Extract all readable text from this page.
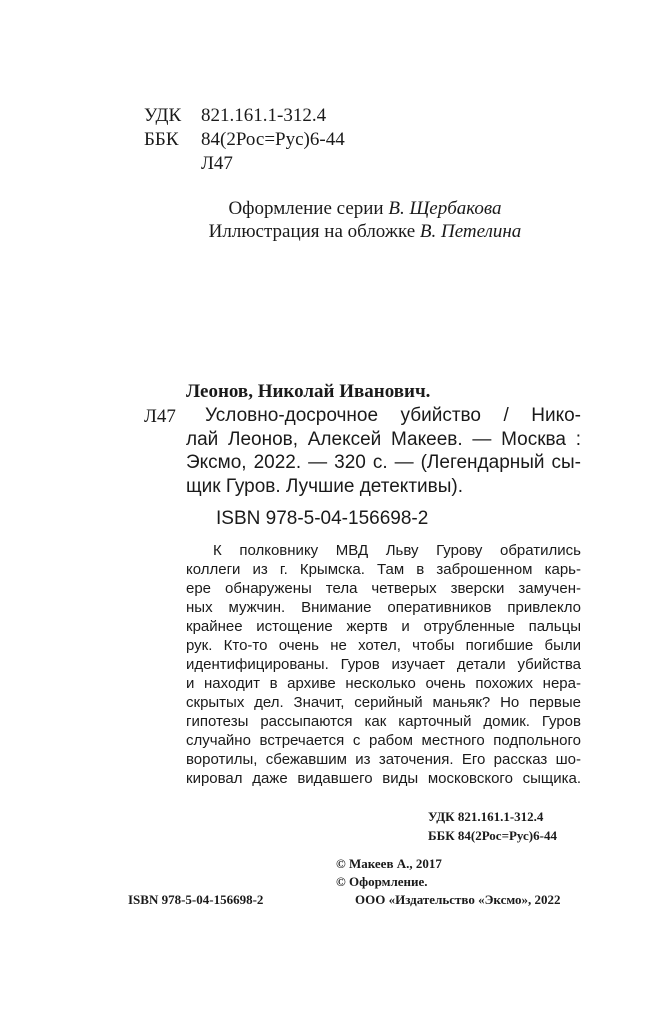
УДК 821.161.1-312.4
ББК 84(2Рос=Рус)6-44
Л47
Оформление серии В. Щербакова
Иллюстрация на обложке В. Петелина
Леонов, Николай Иванович.
Л47 Условно-досрочное убийство / Нико-
лай Леонов, Алексей Макеев. — Москва :
Эксмо, 2022. — 320 с. — (Легендарный сы-
щик Гуров. Лучшие детективы).
ISBN 978-5-04-156698-2
К полковнику МВД Льву Гурову обратились
коллеги из г. Крымска. Там в заброшенном карь-
ере обнаружены тела четверых зверски замучен-
ных мужчин. Внимание оперативников привлекло
крайнее истощение жертв и отрубленные пальцы
рук. Кто-то очень не хотел, чтобы погибшие были
идентифицированы. Гуров изучает детали убийства
и находит в архиве несколько очень похожих нера-
скрытых дел. Значит, серийный маньяк? Но первые
гипотезы рассыпаются как карточный домик. Гуров
случайно встречается с рабом местного подпольного
воротилы, сбежавшим из заточения. Его рассказ шо-
кировал даже видавшего виды московского сыщика.
УДК 821.161.1-312.4
ББК 84(2Рос=Рус)6-44
© Макеев А., 2017
© Оформление.
ООО «Издательство «Эксмо», 2022
ISBN 978-5-04-156698-2
